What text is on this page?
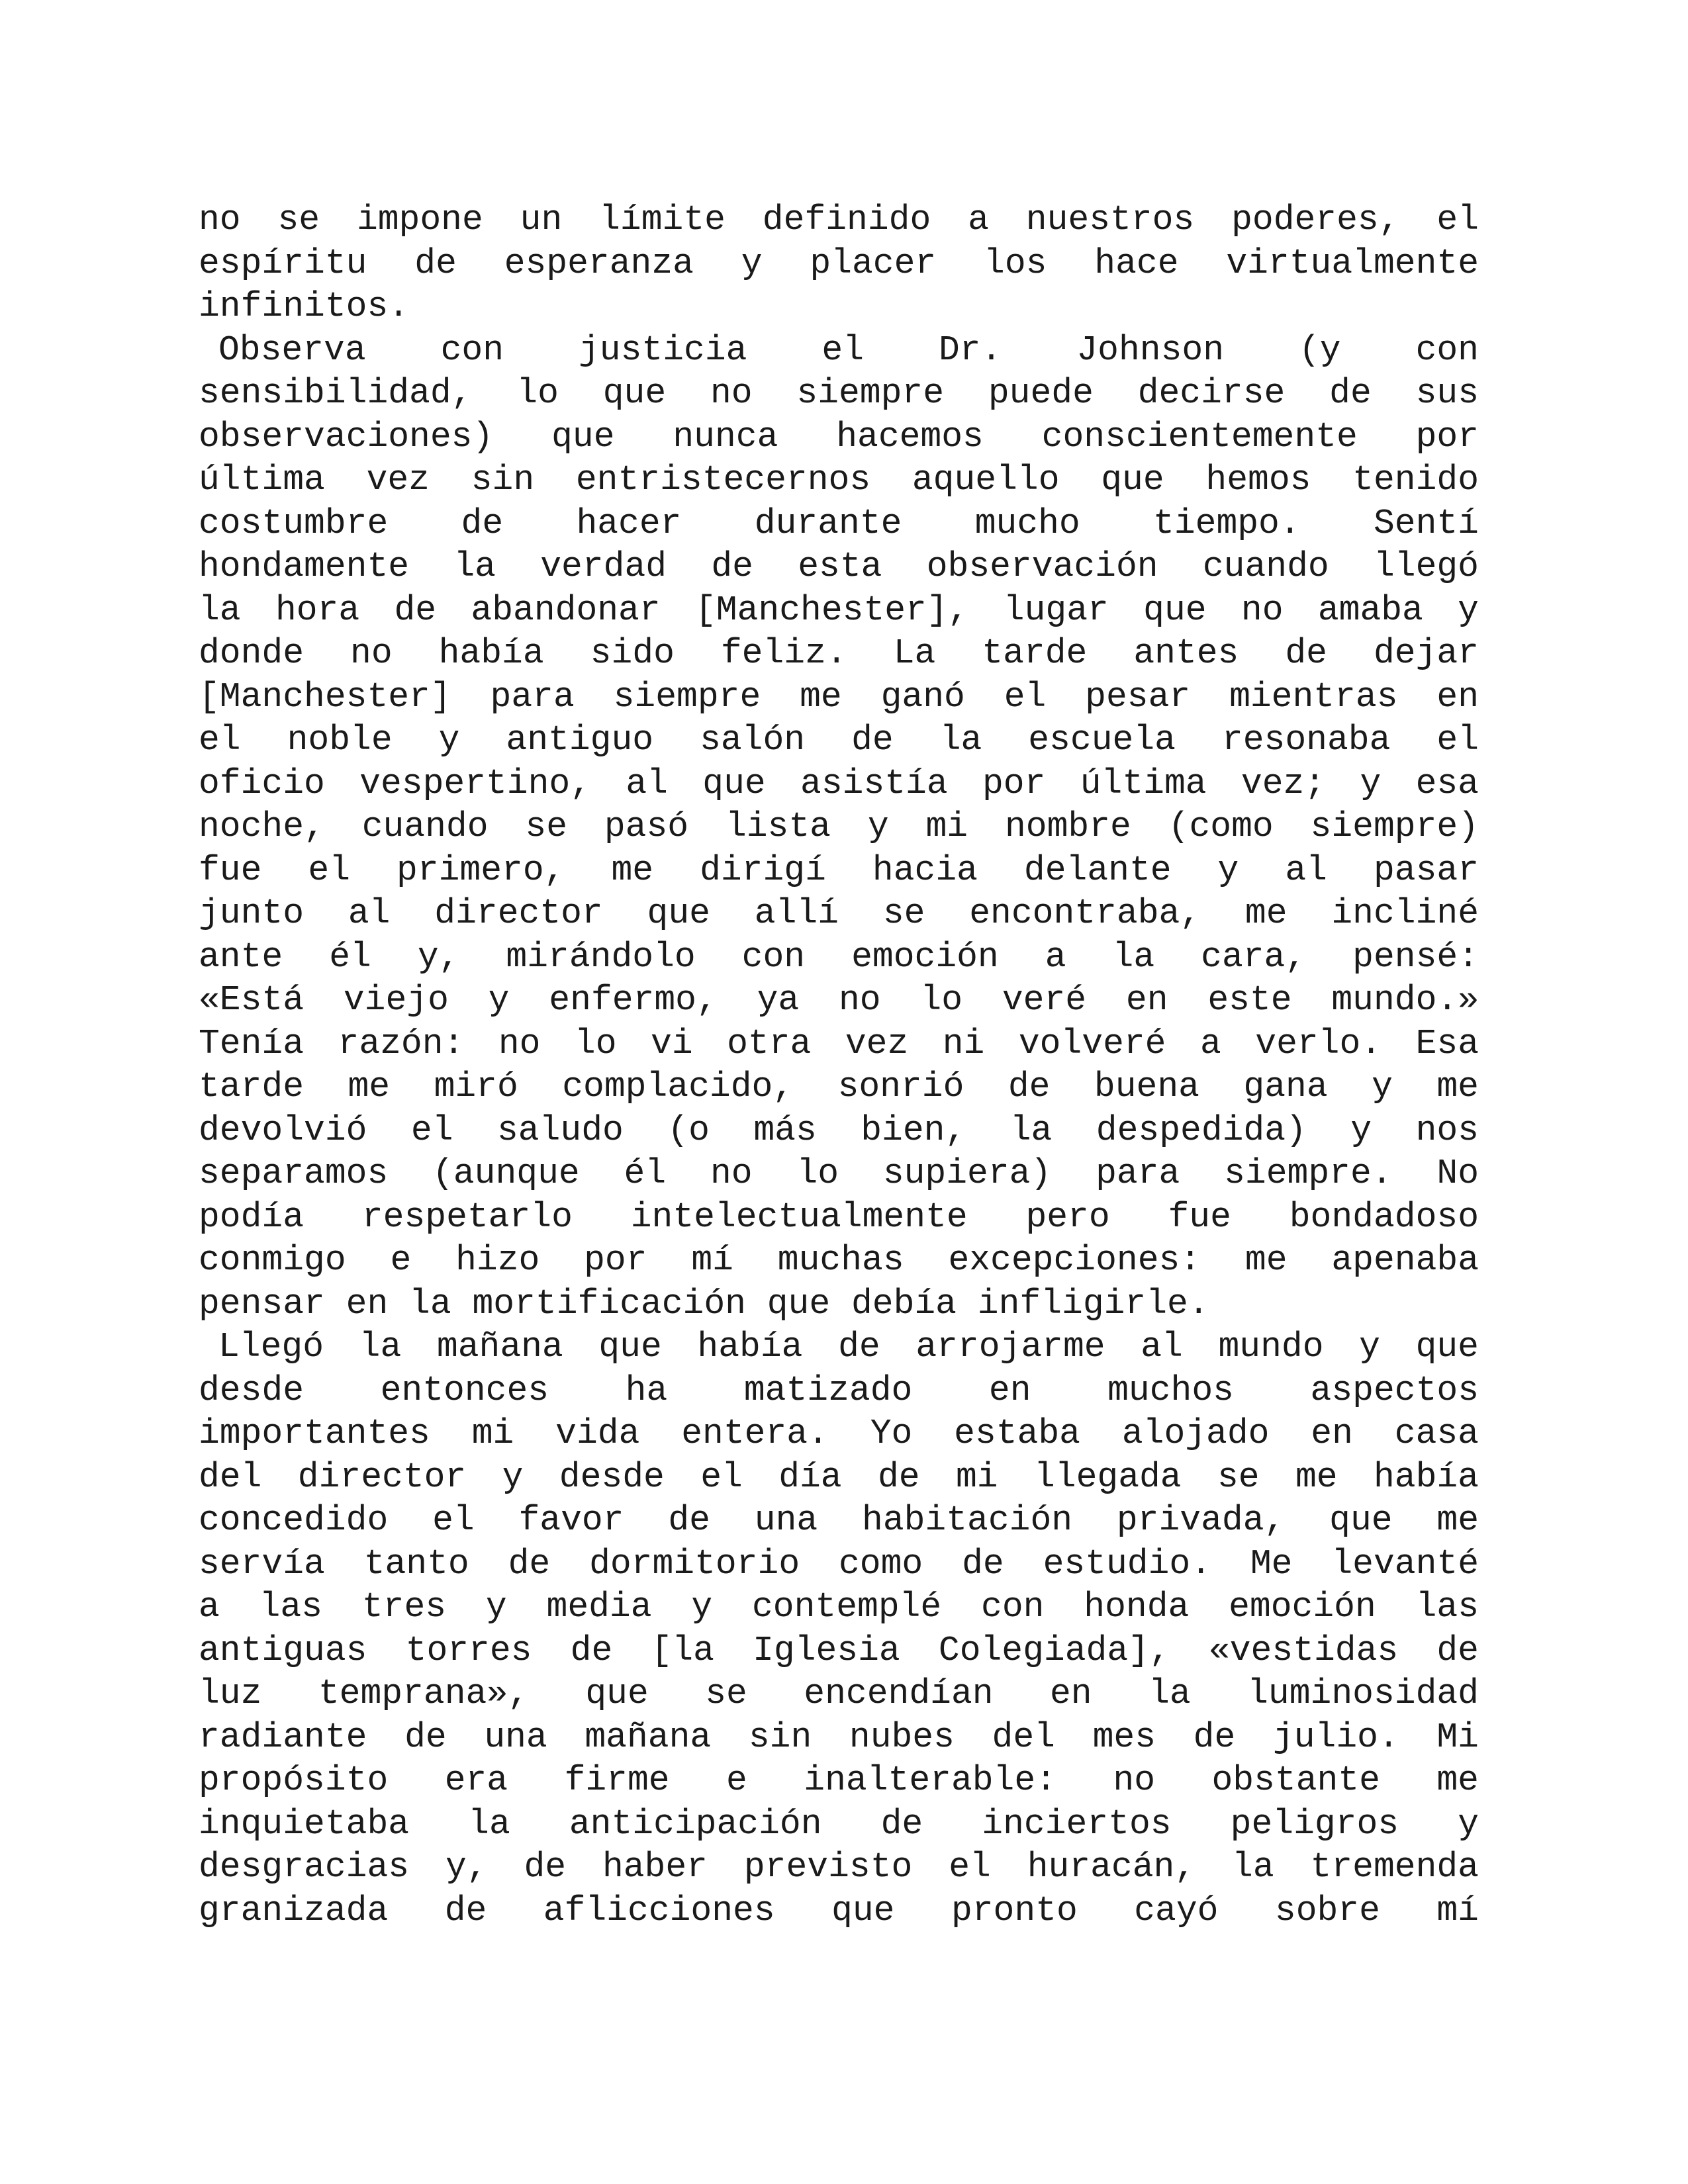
no se impone un límite definido a nuestros poderes, el
espíritu de esperanza y placer los hace virtualmente
infinitos.
Observa con justicia el Dr. Johnson (y con
sensibilidad, lo que no siempre puede decirse de sus
observaciones) que nunca hacemos conscientemente por
última vez sin entristecernos aquello que hemos tenido
costumbre de hacer durante mucho tiempo. Sentí
hondamente la verdad de esta observación cuando llegó
la hora de abandonar [Manchester], lugar que no amaba y
donde no había sido feliz. La tarde antes de dejar
[Manchester] para siempre me ganó el pesar mientras en
el noble y antiguo salón de la escuela resonaba el
oficio vespertino, al que asistía por última vez; y esa
noche, cuando se pasó lista y mi nombre (como siempre)
fue el primero, me dirigí hacia delante y al pasar
junto al director que allí se encontraba, me incliné
ante él y, mirándolo con emoción a la cara, pensé:
«Está viejo y enfermo, ya no lo veré en este mundo.»
Tenía razón: no lo vi otra vez ni volveré a verlo. Esa
tarde me miró complacido, sonrió de buena gana y me
devolvió el saludo (o más bien, la despedida) y nos
separamos (aunque él no lo supiera) para siempre. No
podía respetarlo intelectualmente pero fue bondadoso
conmigo e hizo por mí muchas excepciones: me apenaba
pensar en la mortificación que debía infligirle.
Llegó la mañana que había de arrojarme al mundo y que
desde entonces ha matizado en muchos aspectos
importantes mi vida entera. Yo estaba alojado en casa
del director y desde el día de mi llegada se me había
concedido el favor de una habitación privada, que me
servía tanto de dormitorio como de estudio. Me levanté
a las tres y media y contemplé con honda emoción las
antiguas torres de [la Iglesia Colegiada], «vestidas de
luz temprana», que se encendían en la luminosidad
radiante de una mañana sin nubes del mes de julio. Mi
propósito era firme e inalterable: no obstante me
inquietaba la anticipación de inciertos peligros y
desgracias y, de haber previsto el huracán, la tremenda
granizada de aflicciones que pronto cayó sobre mí
